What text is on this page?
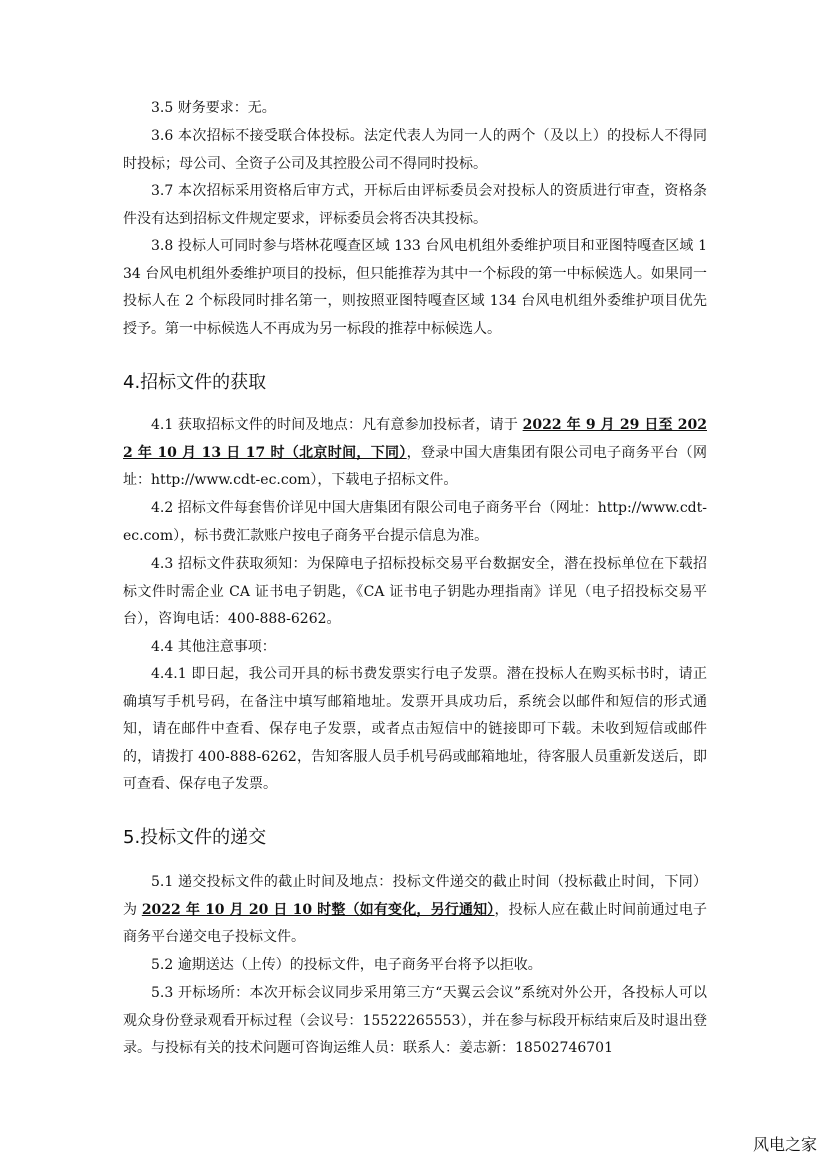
3.5 财务要求：无。

3.6 本次招标不接受联合体投标。法定代表人为同一人的两个（及以上）的投标人不得同时投标；母公司、全资子公司及其控股公司不得同时投标。

3.7 本次招标采用资格后审方式，开标后由评标委员会对投标人的资质进行审查，资格条件没有达到招标文件规定要求，评标委员会将否决其投标。

3.8 投标人可同时参与塔林花嘎查区域 133 台风电机组外委维护项目和亚图特嘎查区域 134 台风电机组外委维护项目的投标，但只能推荐为其中一个标段的第一中标候选人。如果同一投标人在 2 个标段同时排名第一，则按照亚图特嘎查区域 134 台风电机组外委维护项目优先授予。第一中标候选人不再成为另一标段的推荐中标候选人。

4.招标文件的获取

4.1 获取招标文件的时间及地点：凡有意参加投标者，请于 2022 年 9 月 29 日至 2022 年 10 月 13 日 17 时（北京时间，下同），登录中国大唐集团有限公司电子商务平台（网址：http://www.cdt-ec.com），下载电子招标文件。

4.2 招标文件每套售价详见中国大唐集团有限公司电子商务平台（网址：http://www.cdt-ec.com），标书费汇款账户按电子商务平台提示信息为准。

4.3 招标文件获取须知：为保障电子招标投标交易平台数据安全，潜在投标单位在下载招标文件时需企业 CA 证书电子钥匙，《CA 证书电子钥匙办理指南》详见（电子招投标交易平台），咨询电话：400-888-6262。

4.4 其他注意事项：

4.4.1 即日起，我公司开具的标书费发票实行电子发票。潜在投标人在购买标书时，请正确填写手机号码，在备注中填写邮箱地址。发票开具成功后，系统会以邮件和短信的形式通知，请在邮件中查看、保存电子发票，或者点击短信中的链接即可下载。未收到短信或邮件的，请拨打 400-888-6262，告知客服人员手机号码或邮箱地址，待客服人员重新发送后，即可查看、保存电子发票。

5.投标文件的递交

5.1 递交投标文件的截止时间及地点：投标文件递交的截止时间（投标截止时间，下同）为 2022 年 10 月 20 日 10 时整（如有变化，另行通知），投标人应在截止时间前通过电子商务平台递交电子投标文件。

5.2 逾期送达（上传）的投标文件，电子商务平台将予以拒收。

5.3 开标场所：本次开标会议同步采用第三方“天翼云会议”系统对外公开，各投标人可以观众身份登录观看开标过程（会议号：15522265553），并在参与标段开标结束后及时退出登录。与投标有关的技术问题可咨询运维人员：联系人：姜志新：18502746701

风电之家
